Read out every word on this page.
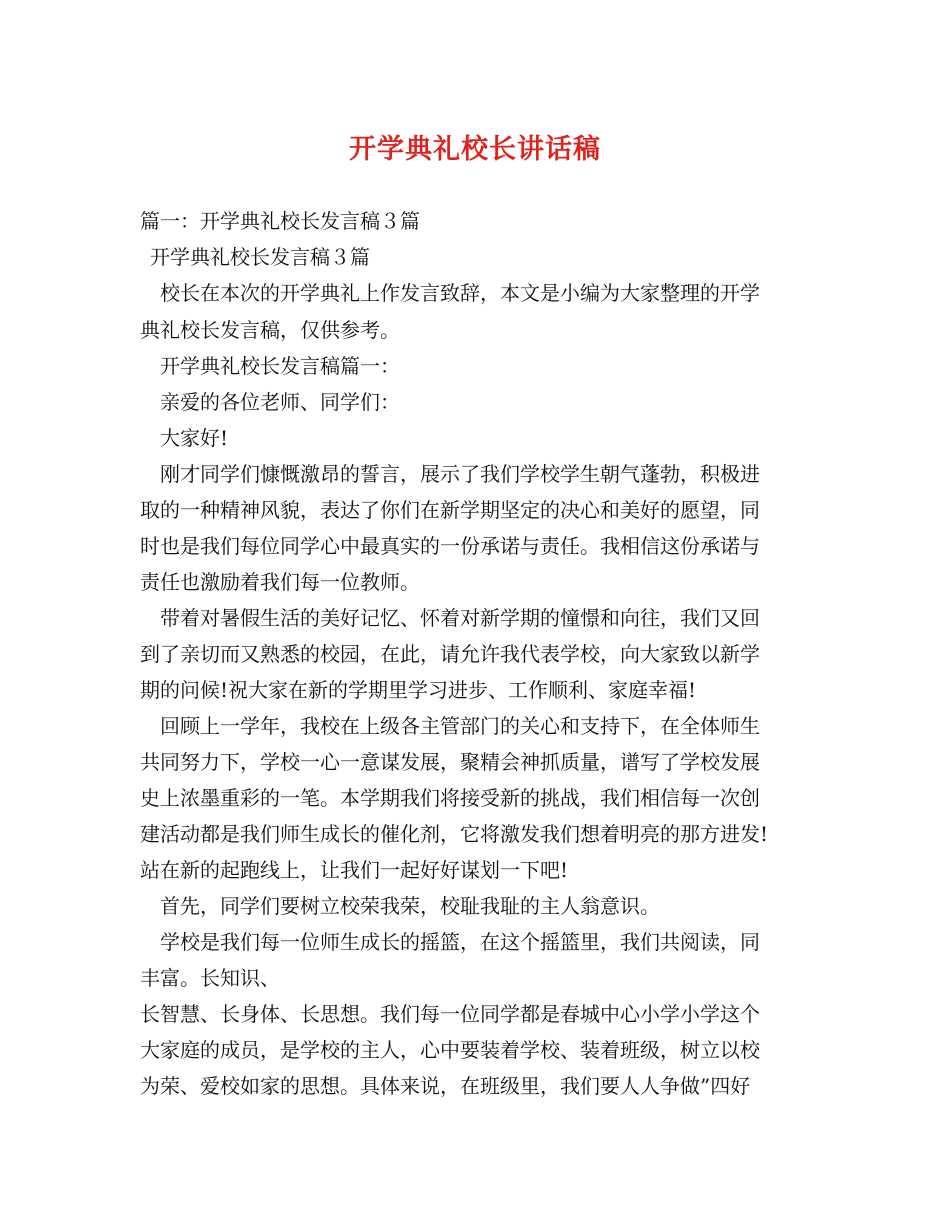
开学典礼校长讲话稿
篇一：开学典礼校长发言稿３篇
开学典礼校长发言稿３篇
校长在本次的开学典礼上作发言致辞，本文是小编为大家整理的开学
典礼校长发言稿，仅供参考。
开学典礼校长发言稿篇一：
亲爱的各位老师、同学们：
大家好!
刚才同学们慷慨激昂的誓言，展示了我们学校学生朝气蓬勃，积极进
取的一种精神风貌，表达了你们在新学期坚定的决心和美好的愿望，同
时也是我们每位同学心中最真实的一份承诺与责任。我相信这份承诺与
责任也激励着我们每一位教师。
带着对暑假生活的美好记忆、怀着对新学期的憧憬和向往，我们又回
到了亲切而又熟悉的校园，在此，请允许我代表学校，向大家致以新学
期的问候!祝大家在新的学期里学习进步、工作顺利、家庭幸福!
回顾上一学年，我校在上级各主管部门的关心和支持下，在全体师生
共同努力下，学校一心一意谋发展，聚精会神抓质量，谱写了学校发展
史上浓墨重彩的一笔。本学期我们将接受新的挑战，我们相信每一次创
建活动都是我们师生成长的催化剂，它将激发我们想着明亮的那方进发!
站在新的起跑线上，让我们一起好好谋划一下吧!
首先，同学们要树立校荣我荣，校耻我耻的主人翁意识。
学校是我们每一位师生成长的摇篮，在这个摇篮里，我们共阅读，同
丰富。长知识、
长智慧、长身体、长思想。我们每一位同学都是春城中心小学小学这个
大家庭的成员，是学校的主人，心中要装着学校、装着班级，树立以校
为荣、爱校如家的思想。具体来说，在班级里，我们要人人争做”四好
